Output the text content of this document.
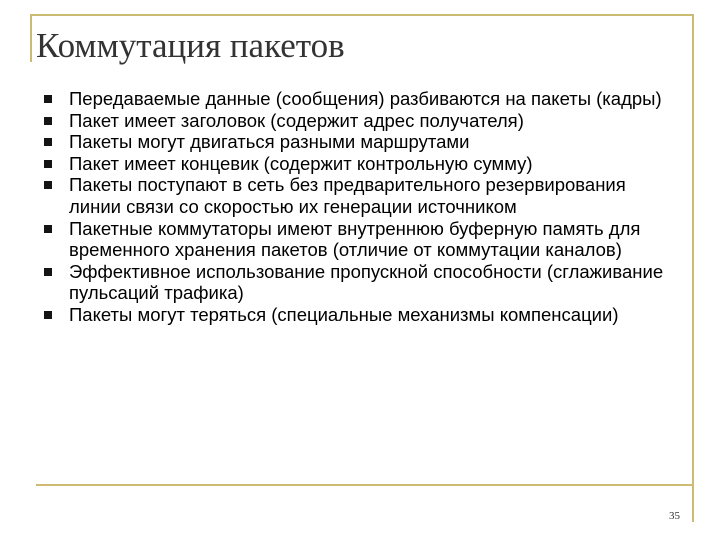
Коммутация пакетов
Передаваемые данные (сообщения) разбиваются на пакеты (кадры)
Пакет имеет заголовок (содержит адрес получателя)
Пакеты могут двигаться разными маршрутами
Пакет имеет концевик (содержит контрольную сумму)
Пакеты поступают в сеть без предварительного резервирования линии связи со скоростью их генерации источником
Пакетные коммутаторы имеют внутреннюю буферную память для временного хранения пакетов (отличие от коммутации каналов)
Эффективное использование пропускной способности (сглаживание пульсаций трафика)
Пакеты могут теряться (специальные механизмы компенсации)
35
